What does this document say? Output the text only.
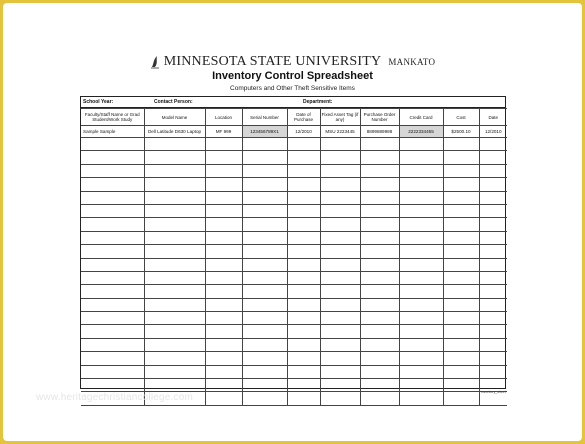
MINNESOTA STATE UNIVERSITY MANKATO
Inventory Control Spreadsheet
Computers and Other Theft Sensitive Items
School Year:	Contact Person:	Department:
Faculty/Staff Name or Grad Student/Work Study	Model Name	Location	Serial Number	Date of Purchase	Fixed Asset Tag (if any)	Purchase Order Number	Credit Card	Cost	Date
Sample Sample	Dell Latitude D630 Laptop	MF 999	123456789X1	12/2010	MSU 2223445	8899889988	2222334455	$2500.10	12/2010

inventory_sheet
www.heritagechristiancollege.com
